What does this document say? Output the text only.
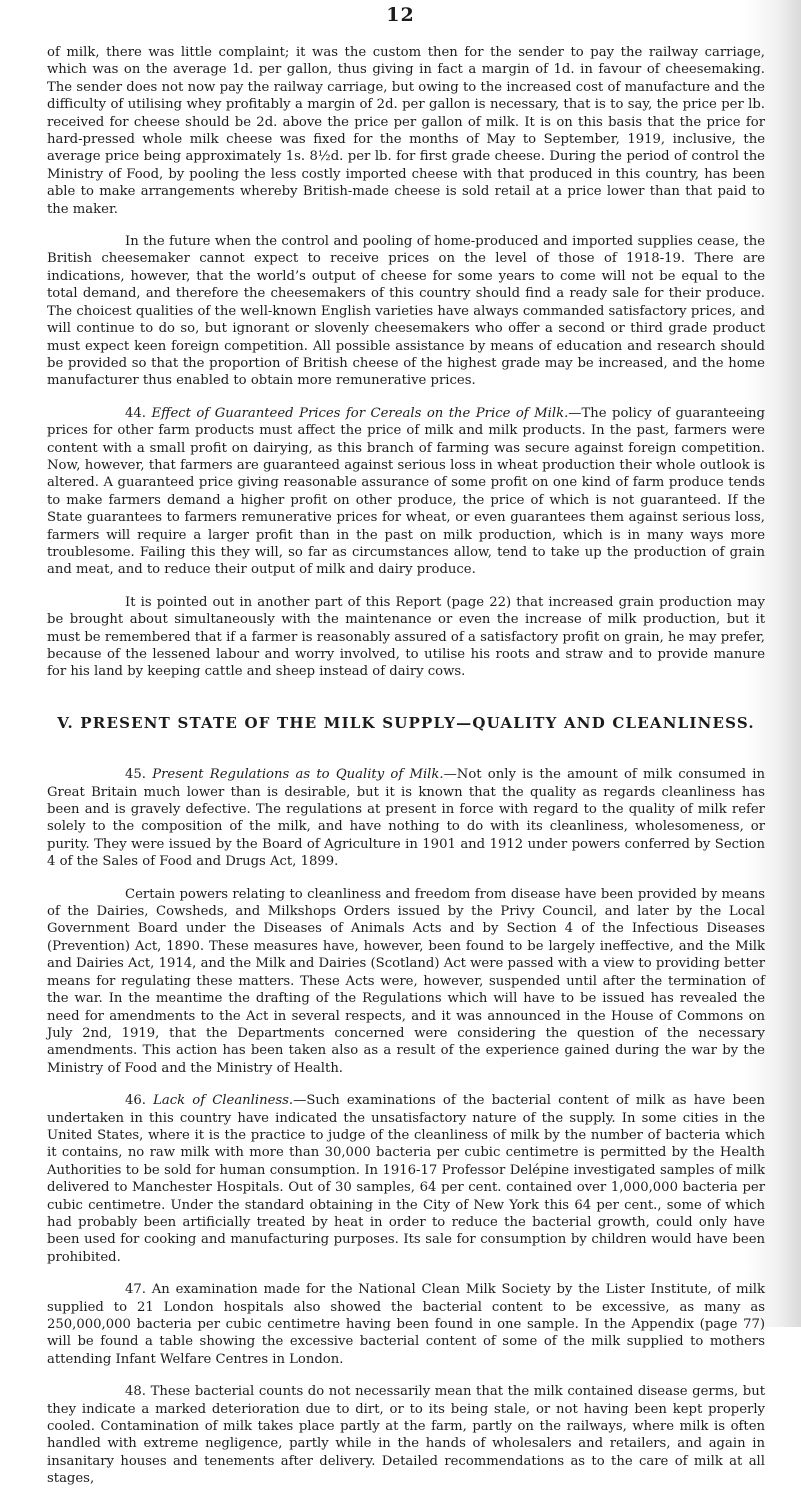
12

of milk, there was little complaint; it was the custom then for the sender to pay the railway carriage, which was on the average 1d. per gallon, thus giving in fact a margin of 1d. in favour of cheesemaking. The sender does not now pay the railway carriage, but owing to the increased cost of manufacture and the difficulty of utilising whey profitably a margin of 2d. per gallon is necessary, that is to say, the price per lb. received for cheese should be 2d. above the price per gallon of milk. It is on this basis that the price for hard-pressed whole milk cheese was fixed for the months of May to September, 1919, inclusive, the average price being approximately 1s. 8½d. per lb. for first grade cheese. During the period of control the Ministry of Food, by pooling the less costly imported cheese with that produced in this country, has been able to make arrangements whereby British-made cheese is sold retail at a price lower than that paid to the maker.

In the future when the control and pooling of home-produced and imported supplies cease, the British cheesemaker cannot expect to receive prices on the level of those of 1918-19. There are indications, however, that the world’s output of cheese for some years to come will not be equal to the total demand, and therefore the cheesemakers of this country should find a ready sale for their produce. The choicest qualities of the well-known English varieties have always commanded satisfactory prices, and will continue to do so, but ignorant or slovenly cheesemakers who offer a second or third grade product must expect keen foreign competition. All possible assistance by means of education and research should be provided so that the proportion of British cheese of the highest grade may be increased, and the home manufacturer thus enabled to obtain more remunerative prices.

44. Effect of Guaranteed Prices for Cereals on the Price of Milk.—The policy of guaranteeing prices for other farm products must affect the price of milk and milk products. In the past, farmers were content with a small profit on dairying, as this branch of farming was secure against foreign competition. Now, however, that farmers are guaranteed against serious loss in wheat production their whole outlook is altered. A guaranteed price giving reasonable assurance of some profit on one kind of farm produce tends to make farmers demand a higher profit on other produce, the price of which is not guaranteed. If the State guarantees to farmers remunerative prices for wheat, or even guarantees them against serious loss, farmers will require a larger profit than in the past on milk production, which is in many ways more troublesome. Failing this they will, so far as circumstances allow, tend to take up the production of grain and meat, and to reduce their output of milk and dairy produce.

It is pointed out in another part of this Report (page 22) that increased grain production may be brought about simultaneously with the maintenance or even the increase of milk production, but it must be remembered that if a farmer is reasonably assured of a satisfactory profit on grain, he may prefer, because of the lessened labour and worry involved, to utilise his roots and straw and to provide manure for his land by keeping cattle and sheep instead of dairy cows.

V. PRESENT STATE OF THE MILK SUPPLY—QUALITY AND CLEANLINESS.

45. Present Regulations as to Quality of Milk.—Not only is the amount of milk consumed in Great Britain much lower than is desirable, but it is known that the quality as regards cleanliness has been and is gravely defective. The regulations at present in force with regard to the quality of milk refer solely to the composition of the milk, and have nothing to do with its cleanliness, wholesomeness, or purity. They were issued by the Board of Agriculture in 1901 and 1912 under powers conferred by Section 4 of the Sales of Food and Drugs Act, 1899.

Certain powers relating to cleanliness and freedom from disease have been provided by means of the Dairies, Cowsheds, and Milkshops Orders issued by the Privy Council, and later by the Local Government Board under the Diseases of Animals Acts and by Section 4 of the Infectious Diseases (Prevention) Act, 1890. These measures have, however, been found to be largely ineffective, and the Milk and Dairies Act, 1914, and the Milk and Dairies (Scotland) Act were passed with a view to providing better means for regulating these matters. These Acts were, however, suspended until after the termination of the war. In the meantime the drafting of the Regulations which will have to be issued has revealed the need for amendments to the Act in several respects, and it was announced in the House of Commons on July 2nd, 1919, that the Departments concerned were considering the question of the necessary amendments. This action has been taken also as a result of the experience gained during the war by the Ministry of Food and the Ministry of Health.

46. Lack of Cleanliness.—Such examinations of the bacterial content of milk as have been undertaken in this country have indicated the unsatisfactory nature of the supply. In some cities in the United States, where it is the practice to judge of the cleanliness of milk by the number of bacteria which it contains, no raw milk with more than 30,000 bacteria per cubic centimetre is permitted by the Health Authorities to be sold for human consumption. In 1916-17 Professor Delépine investigated samples of milk delivered to Manchester Hospitals. Out of 30 samples, 64 per cent. contained over 1,000,000 bacteria per cubic centimetre. Under the standard obtaining in the City of New York this 64 per cent., some of which had probably been artificially treated by heat in order to reduce the bacterial growth, could only have been used for cooking and manufacturing purposes. Its sale for consumption by children would have been prohibited.

47. An examination made for the National Clean Milk Society by the Lister Institute, of milk supplied to 21 London hospitals also showed the bacterial content to be excessive, as many as 250,000,000 bacteria per cubic centimetre having been found in one sample. In the Appendix (page 77) will be found a table showing the excessive bacterial content of some of the milk supplied to mothers attending Infant Welfare Centres in London.

48. These bacterial counts do not necessarily mean that the milk contained disease germs, but they indicate a marked deterioration due to dirt, or to its being stale, or not having been kept properly cooled. Contamination of milk takes place partly at the farm, partly on the railways, where milk is often handled with extreme negligence, partly while in the hands of wholesalers and retailers, and again in insanitary houses and tenements after delivery. Detailed recommendations as to the care of milk at all stages,
